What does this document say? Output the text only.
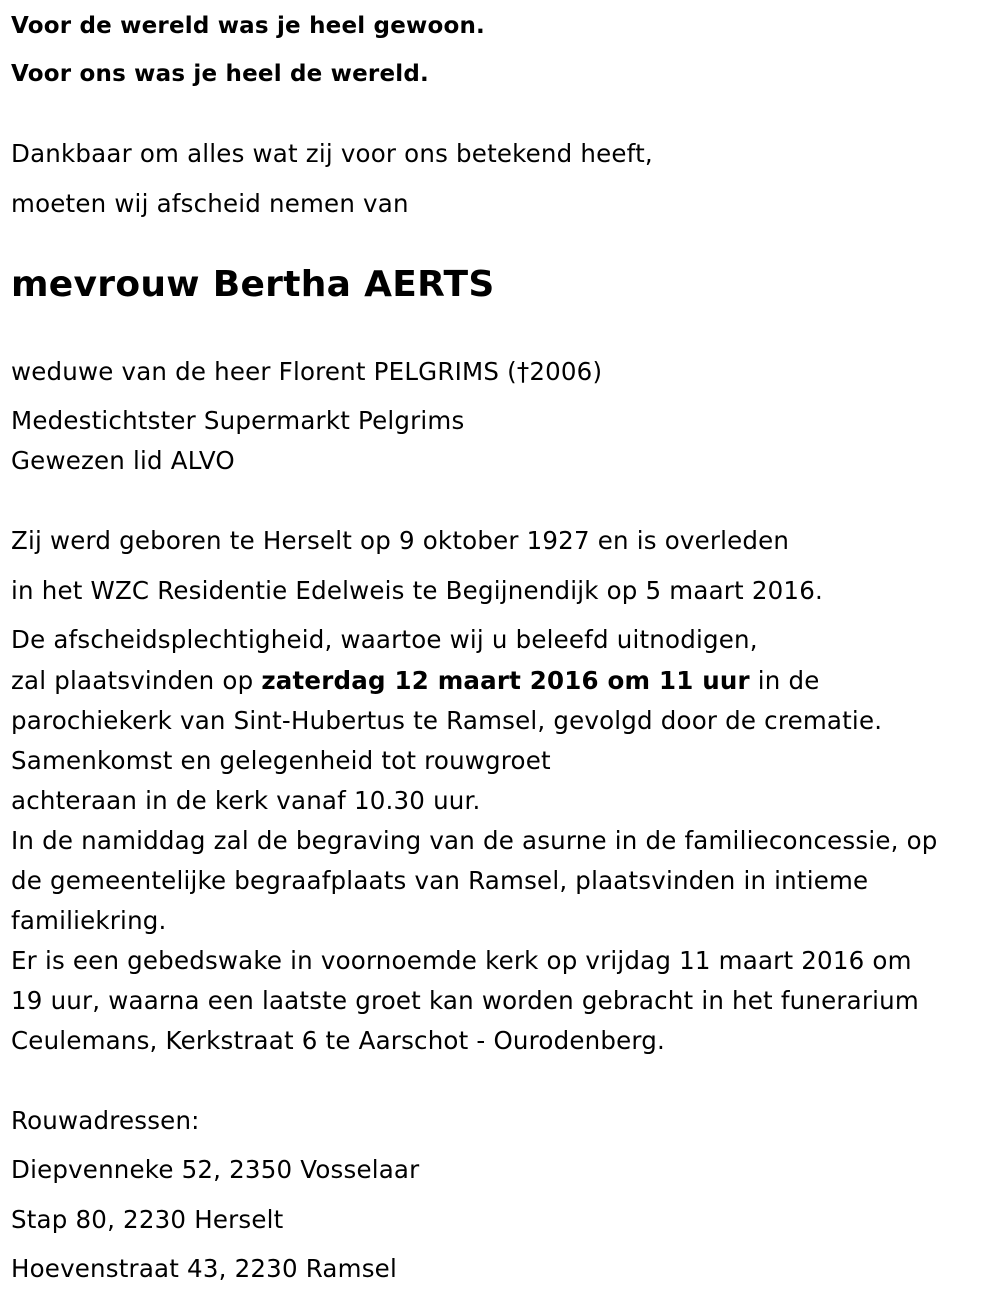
Voor de wereld was je heel gewoon.

Voor ons was je heel de wereld.

Dankbaar om alles wat zij voor ons betekend heeft,

moeten wij afscheid nemen van

mevrouw Bertha AERTS

weduwe van de heer Florent PELGRIMS (†2006)

Medestichtster Supermarkt Pelgrims

Gewezen lid ALVO

Zij werd geboren te Herselt op 9 oktober 1927 en is overleden

in het WZC Residentie Edelweis te Begijnendijk op 5 maart 2016.

De afscheidsplechtigheid, waartoe wij u beleefd uitnodigen,

zal plaatsvinden op zaterdag 12 maart 2016 om 11 uur in de

parochiekerk van Sint-Hubertus te Ramsel, gevolgd door de crematie.

Samenkomst en gelegenheid tot rouwgroet

achteraan in de kerk vanaf 10.30 uur.

In de namiddag zal de begraving van de asurne in de familieconcessie, op

de gemeentelijke begraafplaats van Ramsel, plaatsvinden in intieme

familiekring.

Er is een gebedswake in voornoemde kerk op vrijdag 11 maart 2016 om

19 uur, waarna een laatste groet kan worden gebracht in het funerarium

Ceulemans, Kerkstraat 6 te Aarschot - Ourodenberg.

Rouwadressen:

Diepvenneke 52, 2350 Vosselaar

Stap 80, 2230 Herselt

Hoevenstraat 43, 2230 Ramsel
